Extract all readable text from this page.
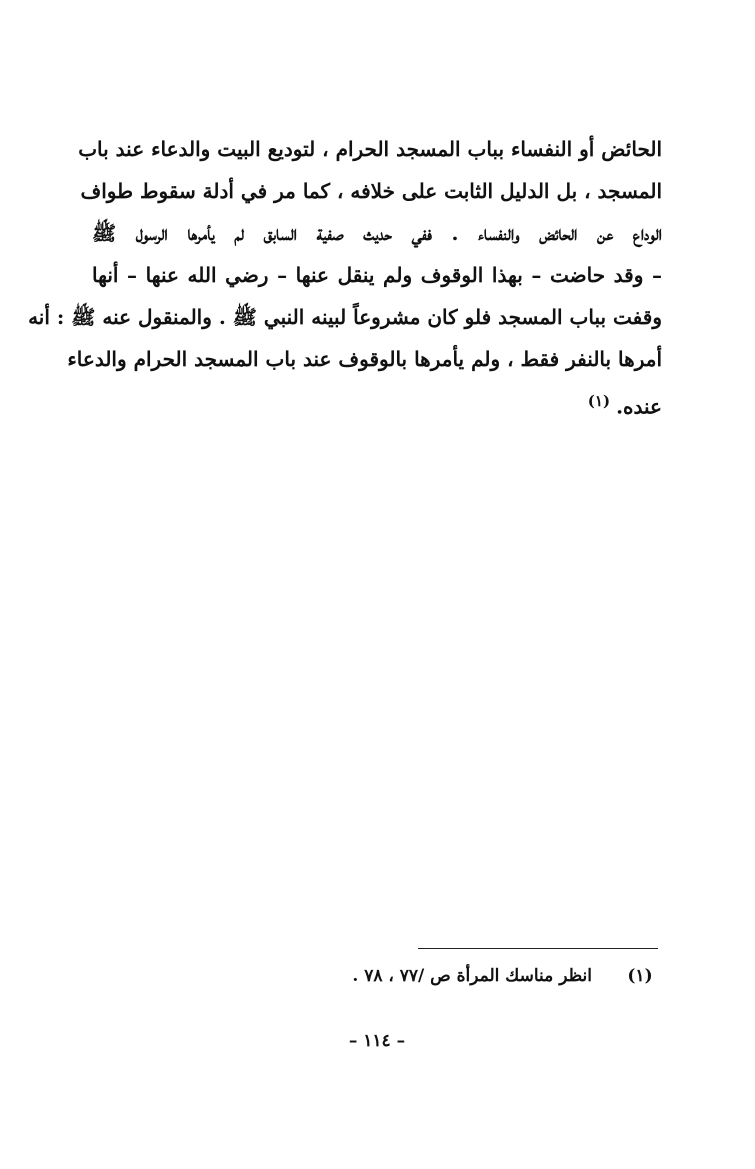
الحائض أو النفساء بباب المسجد الحرام ، لتوديع البيت والدعاء عند باب
المسجد ، بل الدليل الثابت على خلافه ، كما مر في أدلة سقوط طواف
الوداع عن الحائض والنفساء . ففي حديث صفية السابق لم يأمرها الرسول ﷺ
– وقد حاضت – بهذا الوقوف ولم ينقل عنها – رضي الله عنها – أنها
وقفت بباب المسجد فلو كان مشروعاً لبينه النبي ﷺ . والمنقول عنه ﷺ : أنه
أمرها بالنفر فقط ، ولم يأمرها بالوقوف عند باب المسجد الحرام والدعاء
عنده.$^{(١)}$
(١)انظر مناسك المرأة ص /٧٧ ، ٧٨ .
– ١١٤ –
